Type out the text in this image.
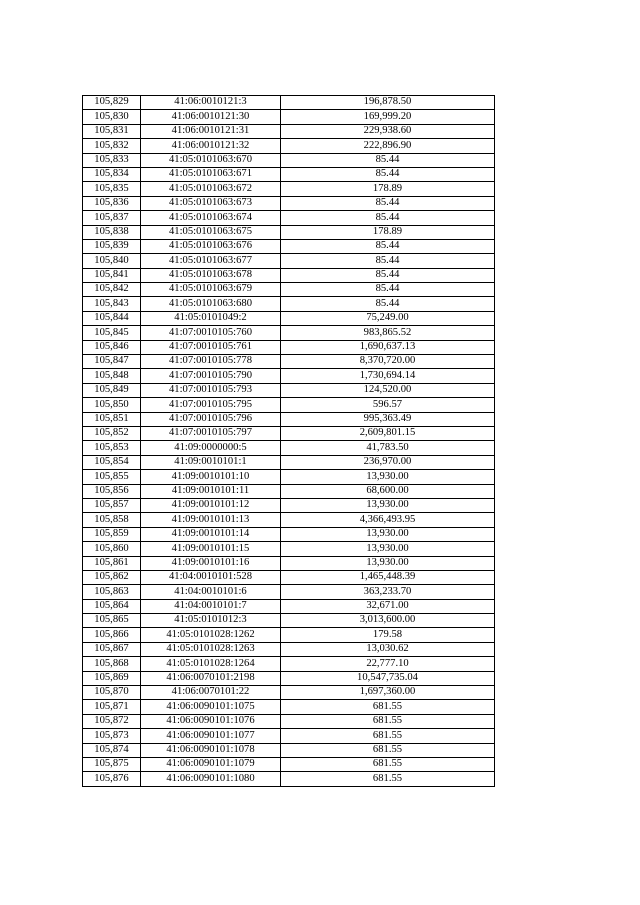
105,829	41:06:0010121:3	196,878.50
105,830	41:06:0010121:30	169,999.20
105,831	41:06:0010121:31	229,938.60
105,832	41:06:0010121:32	222,896.90
105,833	41:05:0101063:670	85.44
105,834	41:05:0101063:671	85.44
105,835	41:05:0101063:672	178.89
105,836	41:05:0101063:673	85.44
105,837	41:05:0101063:674	85.44
105,838	41:05:0101063:675	178.89
105,839	41:05:0101063:676	85.44
105,840	41:05:0101063:677	85.44
105,841	41:05:0101063:678	85.44
105,842	41:05:0101063:679	85.44
105,843	41:05:0101063:680	85.44
105,844	41:05:0101049:2	75,249.00
105,845	41:07:0010105:760	983,865.52
105,846	41:07:0010105:761	1,690,637.13
105,847	41:07:0010105:778	8,370,720.00
105,848	41:07:0010105:790	1,730,694.14
105,849	41:07:0010105:793	124,520.00
105,850	41:07:0010105:795	596.57
105,851	41:07:0010105:796	995,363.49
105,852	41:07:0010105:797	2,609,801.15
105,853	41:09:0000000:5	41,783.50
105,854	41:09:0010101:1	236,970.00
105,855	41:09:0010101:10	13,930.00
105,856	41:09:0010101:11	68,600.00
105,857	41:09:0010101:12	13,930.00
105,858	41:09:0010101:13	4,366,493.95
105,859	41:09:0010101:14	13,930.00
105,860	41:09:0010101:15	13,930.00
105,861	41:09:0010101:16	13,930.00
105,862	41:04:0010101:528	1,465,448.39
105,863	41:04:0010101:6	363,233.70
105,864	41:04:0010101:7	32,671.00
105,865	41:05:0101012:3	3,013,600.00
105,866	41:05:0101028:1262	179.58
105,867	41:05:0101028:1263	13,030.62
105,868	41:05:0101028:1264	22,777.10
105,869	41:06:0070101:2198	10,547,735.04
105,870	41:06:0070101:22	1,697,360.00
105,871	41:06:0090101:1075	681.55
105,872	41:06:0090101:1076	681.55
105,873	41:06:0090101:1077	681.55
105,874	41:06:0090101:1078	681.55
105,875	41:06:0090101:1079	681.55
105,876	41:06:0090101:1080	681.55
